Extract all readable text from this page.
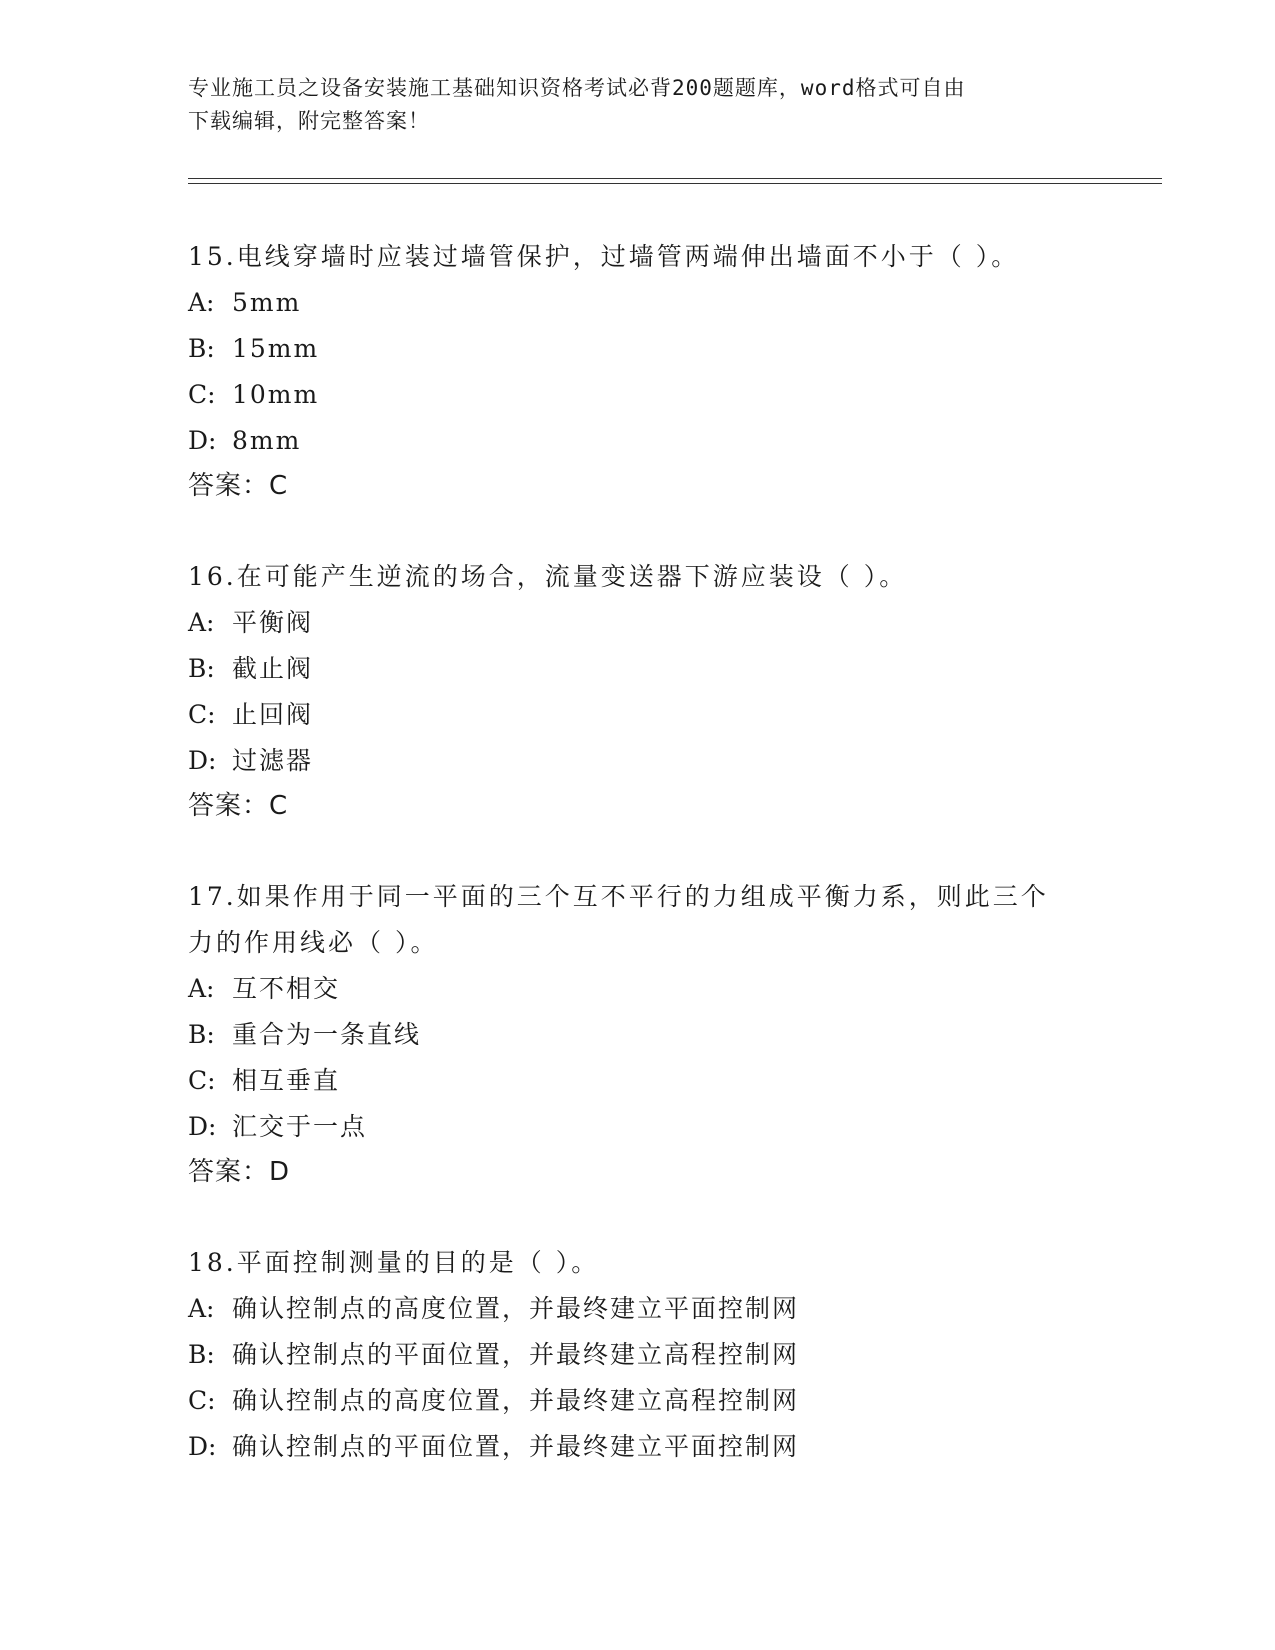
专业施工员之设备安装施工基础知识资格考试必背200题题库，word格式可自由
下载编辑，附完整答案！

15.电线穿墙时应装过墙管保护，过墙管两端伸出墙面不小于（ ）。

A: 5mm

B: 15mm

C: 10mm

D: 8mm

答案：C

16.在可能产生逆流的场合，流量变送器下游应装设（ ）。

A: 平衡阀

B: 截止阀

C: 止回阀

D: 过滤器

答案：C

17.如果作用于同一平面的三个互不平行的力组成平衡力系，则此三个

力的作用线必（ ）。

A: 互不相交

B: 重合为一条直线

C: 相互垂直

D: 汇交于一点

答案：D

18.平面控制测量的目的是（ ）。

A: 确认控制点的高度位置，并最终建立平面控制网

B: 确认控制点的平面位置，并最终建立高程控制网

C: 确认控制点的高度位置，并最终建立高程控制网

D: 确认控制点的平面位置，并最终建立平面控制网
